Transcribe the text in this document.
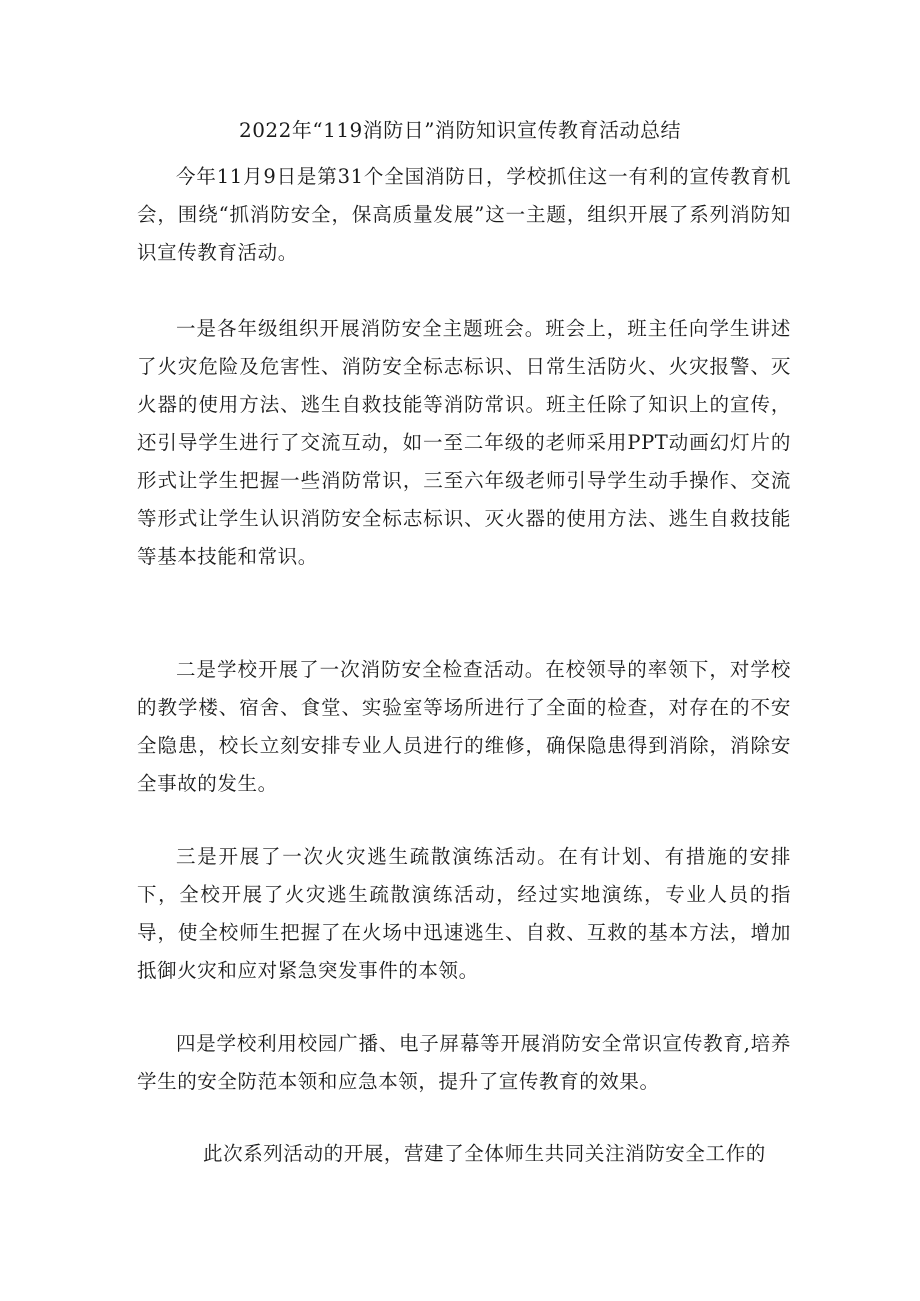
2022年“119消防日”消防知识宣传教育活动总结

今年11月9日是第31个全国消防日，学校抓住这一有利的宣传教育机会，围绕“抓消防安全，保高质量发展”这一主题，组织开展了系列消防知识宣传教育活动。

一是各年级组织开展消防安全主题班会。班会上，班主任向学生讲述了火灾危险及危害性、消防安全标志标识、日常生活防火、火灾报警、灭火器的使用方法、逃生自救技能等消防常识。班主任除了知识上的宣传，还引导学生进行了交流互动，如一至二年级的老师采用PPT动画幻灯片的形式让学生把握一些消防常识，三至六年级老师引导学生动手操作、交流等形式让学生认识消防安全标志标识、灭火器的使用方法、逃生自救技能等基本技能和常识。

二是学校开展了一次消防安全检查活动。在校领导的率领下，对学校的教学楼、宿舍、食堂、实验室等场所进行了全面的检查，对存在的不安全隐患，校长立刻安排专业人员进行的维修，确保隐患得到消除，消除安全事故的发生。

三是开展了一次火灾逃生疏散演练活动。在有计划、有措施的安排下，全校开展了火灾逃生疏散演练活动，经过实地演练，专业人员的指导，使全校师生把握了在火场中迅速逃生、自救、互救的基本方法，增加抵御火灾和应对紧急突发事件的本领。

四是学校利用校园广播、电子屏幕等开展消防安全常识宣传教育,培养学生的安全防范本领和应急本领，提升了宣传教育的效果。

此次系列活动的开展，营建了全体师生共同关注消防安全工作的
